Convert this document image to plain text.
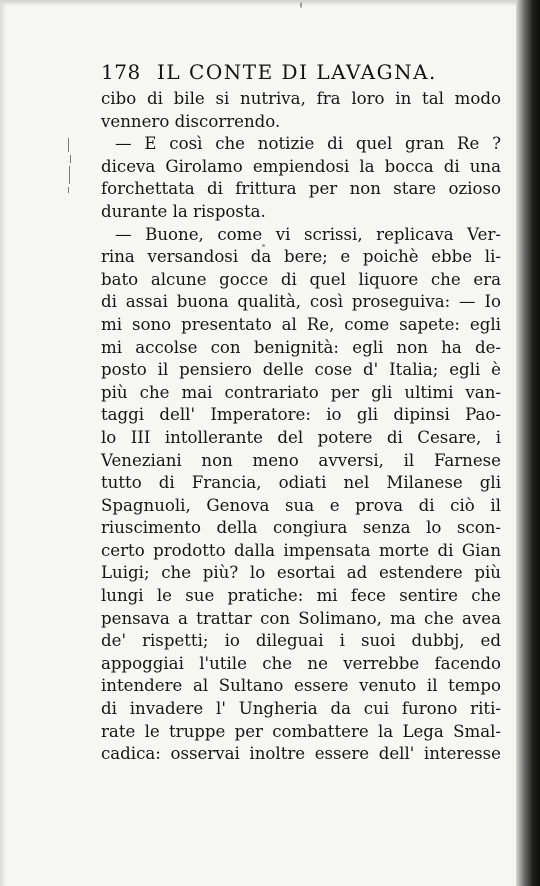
178 IL CONTE DI LAVAGNA.
cibo di bile si nutriva, fra loro in tal modo
vennero discorrendo.
— E così che notizie di quel gran Re ?
diceva Girolamo empiendosi la bocca di una
forchettata di frittura per non stare ozioso
durante la risposta.
— Buone, come vi scrissi, replicava Ver-
rina versandosi da bere; e poichè ebbe li-
bato alcune gocce di quel liquore che era
di assai buona qualità, così proseguiva: — Io
mi sono presentato al Re, come sapete: egli
mi accolse con benignità: egli non ha de-
posto il pensiero delle cose d' Italia; egli è
più che mai contrariato per gli ultimi van-
taggi dell' Imperatore: io gli dipinsi Pao-
lo III intollerante del potere di Cesare, i
Veneziani non meno avversi, il Farnese
tutto di Francia, odiati nel Milanese gli
Spagnuoli, Genova sua e prova di ciò il
riuscimento della congiura senza lo scon-
certo prodotto dalla impensata morte di Gian
Luigi; che più? lo esortai ad estendere più
lungi le sue pratiche: mi fece sentire che
pensava a trattar con Solimano, ma che avea
de' rispetti; io dileguai i suoi dubbj, ed
appoggiai l'utile che ne verrebbe facendo
intendere al Sultano essere venuto il tempo
di invadere l' Ungheria da cui furono riti-
rate le truppe per combattere la Lega Smal-
cadica: osservai inoltre essere dell' interesse
